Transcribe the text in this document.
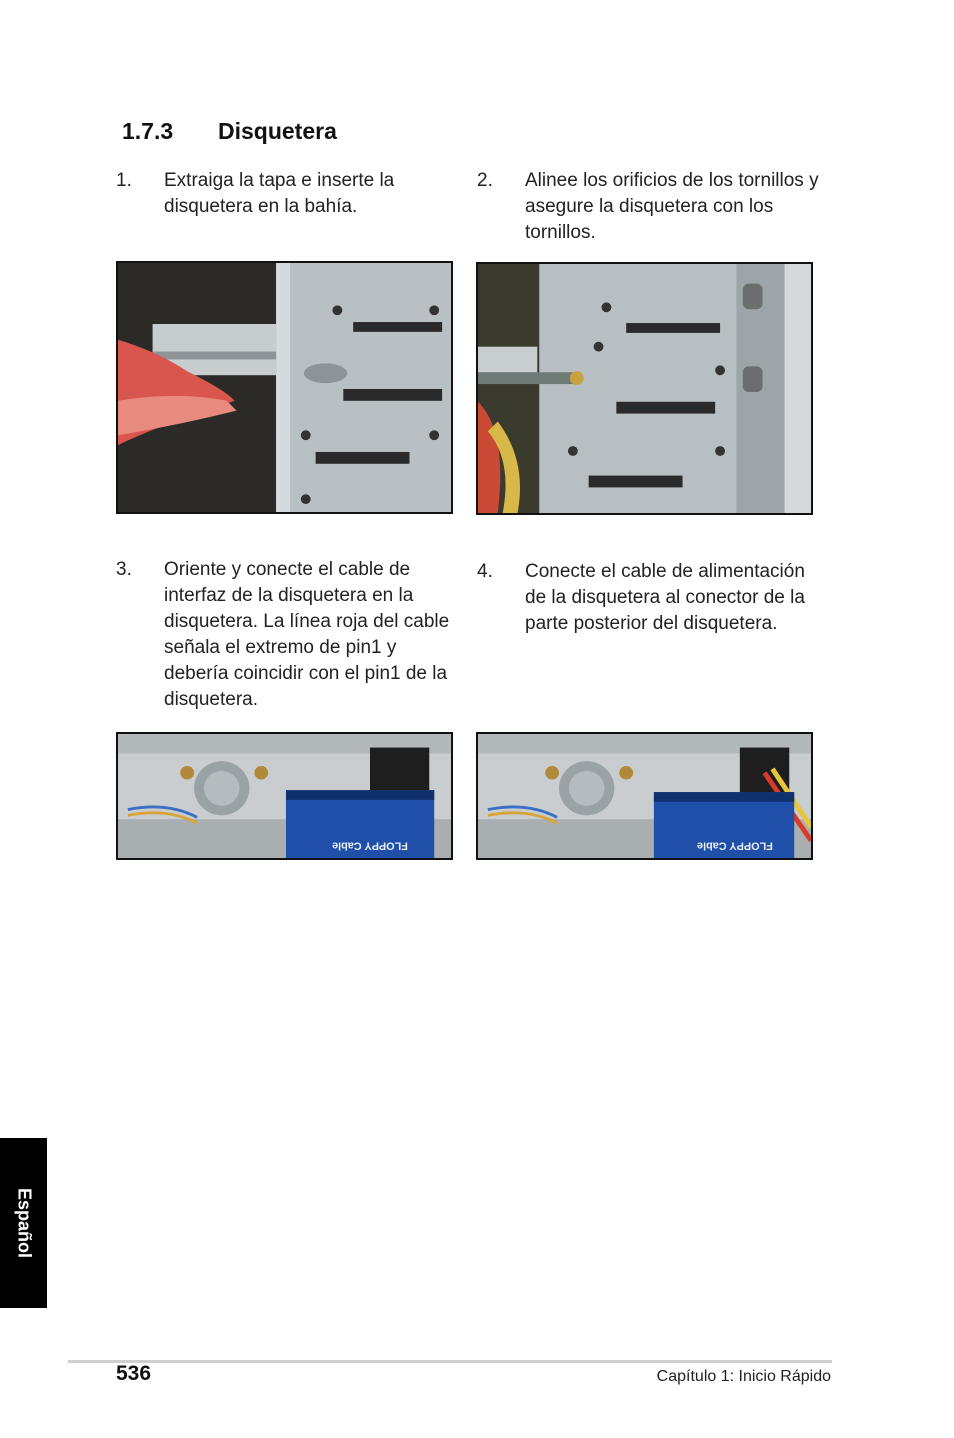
1.7.3 Disquetera
1. Extraiga la tapa e inserte la disquetera en la bahía.
2. Alinee los orificios de los tornillos y asegure la disquetera con los tornillos.
3. Oriente y conecte el cable de interfaz de la disquetera en la disquetera. La línea roja del cable señala el extremo de pin1 y debería coincidir con el pin1 de la disquetera.
4. Conecte el cable de alimentación de la disquetera al conector de la parte posterior del disquetera.
FLOPPY Cable	FLOPPY Cable
Español
536	Capítulo 1: Inicio Rápido
